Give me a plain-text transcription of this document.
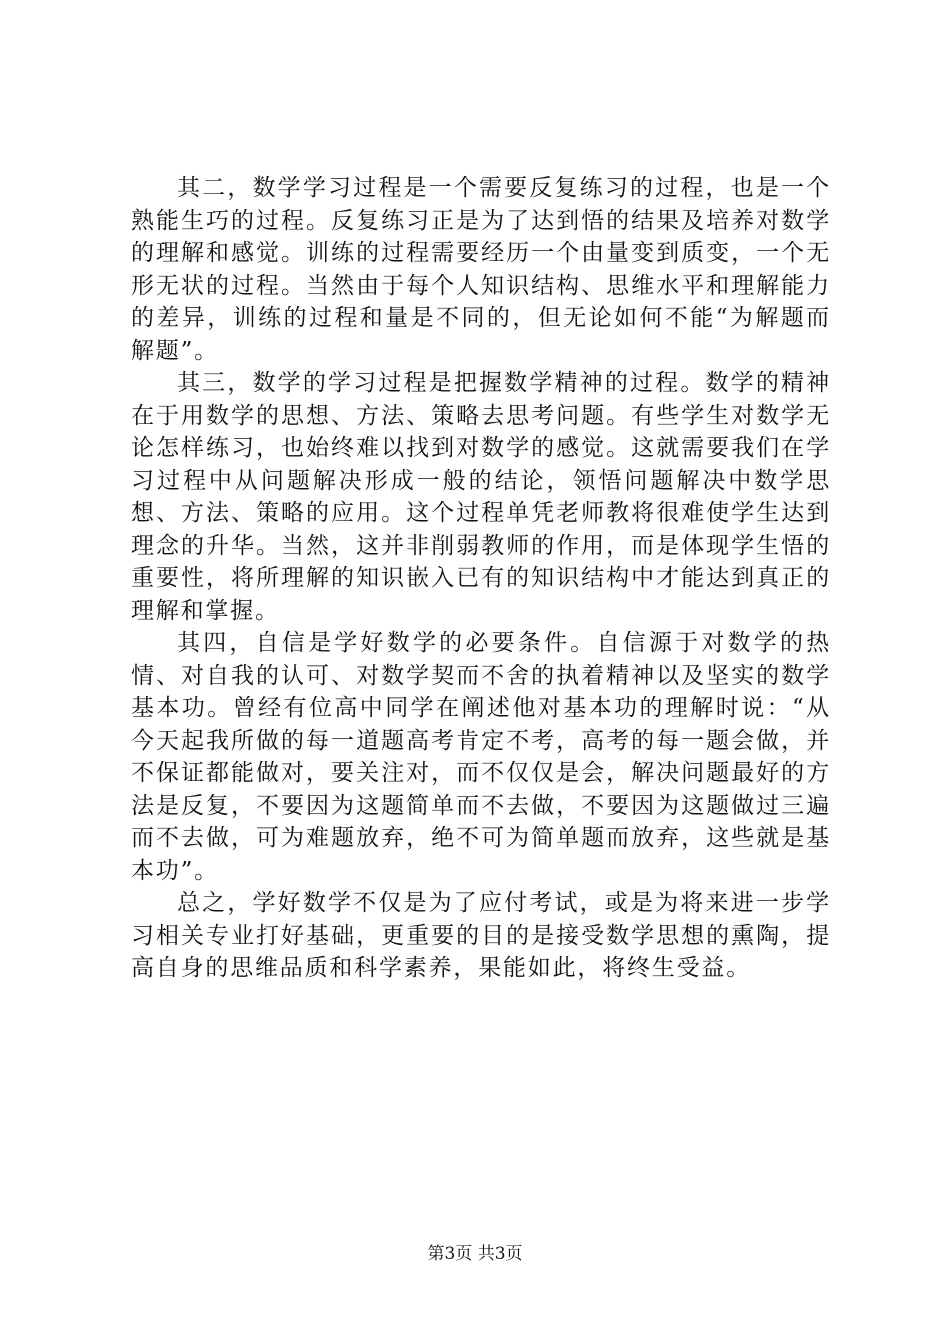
其二，数学学习过程是一个需要反复练习的过程，也是一个熟能生巧的过程。反复练习正是为了达到悟的结果及培养对数学的理解和感觉。训练的过程需要经历一个由量变到质变，一个无形无状的过程。当然由于每个人知识结构、思维水平和理解能力的差异，训练的过程和量是不同的，但无论如何不能“为解题而解题”。

其三，数学的学习过程是把握数学精神的过程。数学的精神在于用数学的思想、方法、策略去思考问题。有些学生对数学无论怎样练习，也始终难以找到对数学的感觉。这就需要我们在学习过程中从问题解决形成一般的结论，领悟问题解决中数学思想、方法、策略的应用。这个过程单凭老师教将很难使学生达到理念的升华。当然，这并非削弱教师的作用，而是体现学生悟的重要性，将所理解的知识嵌入已有的知识结构中才能达到真正的理解和掌握。

其四，自信是学好数学的必要条件。自信源于对数学的热情、对自我的认可、对数学契而不舍的执着精神以及坚实的数学基本功。曾经有位高中同学在阐述他对基本功的理解时说：“从今天起我所做的每一道题高考肯定不考，高考的每一题会做，并不保证都能做对，要关注对，而不仅仅是会，解决问题最好的方法是反复，不要因为这题简单而不去做，不要因为这题做过三遍而不去做，可为难题放弃，绝不可为简单题而放弃，这些就是基本功”。

总之，学好数学不仅是为了应付考试，或是为将来进一步学习相关专业打好基础，更重要的目的是接受数学思想的熏陶，提高自身的思维品质和科学素养，果能如此，将终生受益。

第3页 共3页
